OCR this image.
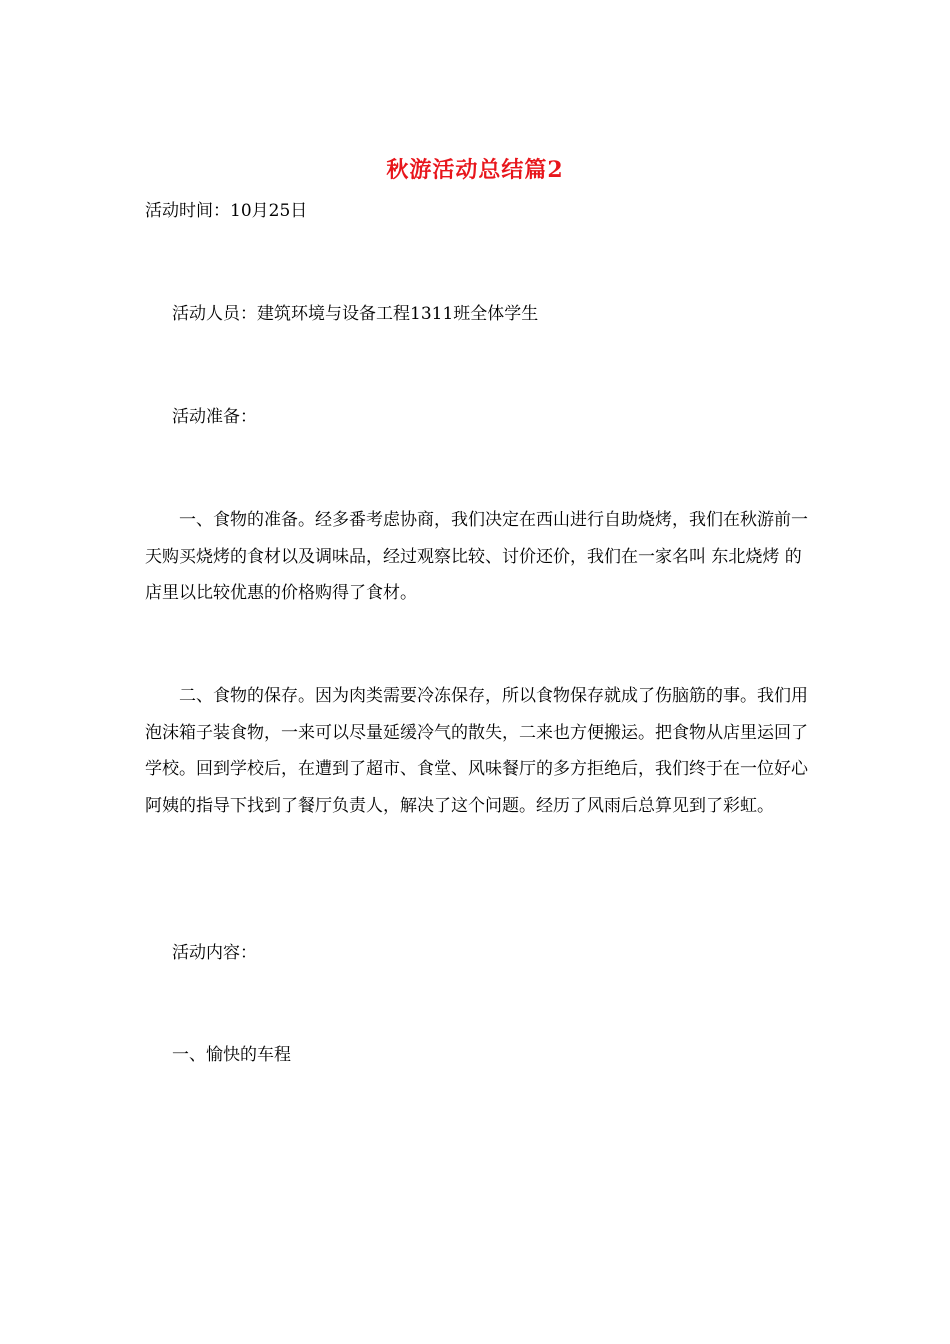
秋游活动总结篇2
活动时间：10月25日
活动人员：建筑环境与设备工程1311班全体学生
活动准备：
一、食物的准备。经多番考虑协商，我们决定在西山进行自助烧烤，我们在秋游前一天购买烧烤的食材以及调味品，经过观察比较、讨价还价，我们在一家名叫 东北烧烤 的店里以比较优惠的价格购得了食材。
二、食物的保存。因为肉类需要冷冻保存，所以食物保存就成了伤脑筋的事。我们用泡沫箱子装食物，一来可以尽量延缓冷气的散失，二来也方便搬运。把食物从店里运回了学校。回到学校后，在遭到了超市、食堂、风味餐厅的多方拒绝后，我们终于在一位好心阿姨的指导下找到了餐厅负责人，解决了这个问题。经历了风雨后总算见到了彩虹。
活动内容：
一、愉快的车程
